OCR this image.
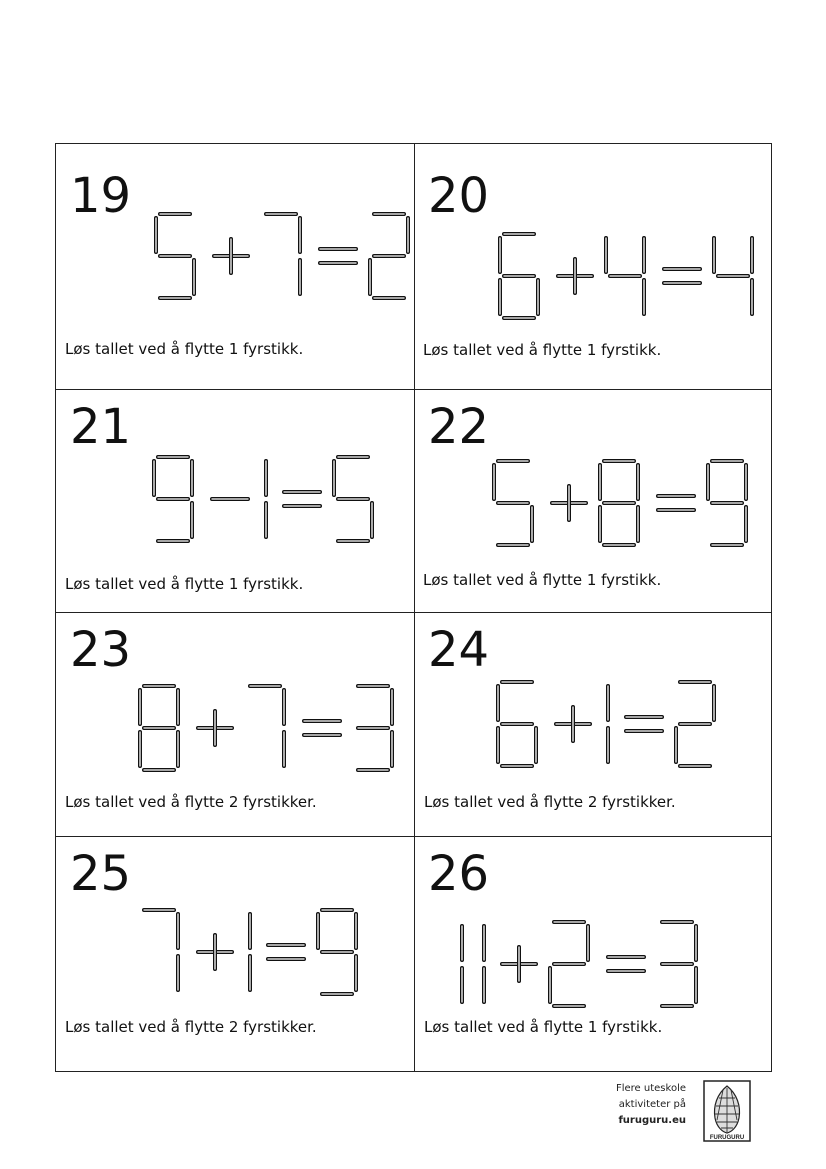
19
Løs tallet ved å flytte 1 fyrstikk.
20
Løs tallet ved å flytte 1 fyrstikk.
21
Løs tallet ved å flytte 1 fyrstikk.
22
Løs tallet ved å flytte 1 fyrstikk.
23
Løs tallet ved å flytte 2 fyrstikker.
24
Løs tallet ved å flytte 2 fyrstikker.
25
Løs tallet ved å flytte 2 fyrstikker.
26
Løs tallet ved å flytte 1 fyrstikk.
Flere uteskole
aktiviteter på
furuguru.eu
FURUGURU
